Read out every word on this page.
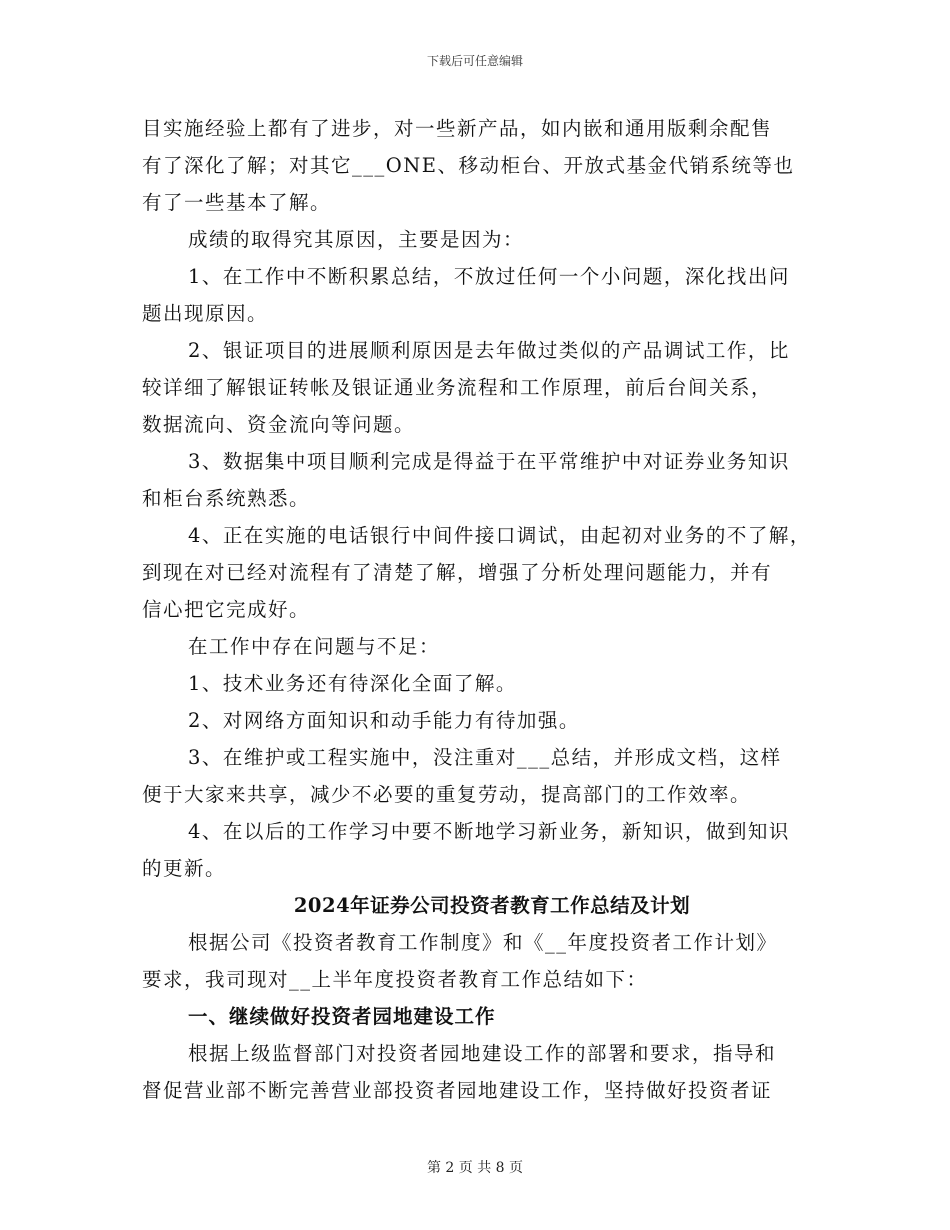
下载后可任意编辑
目实施经验上都有了进步，对一些新产品，如内嵌和通用版剩余配售
有了深化了解；对其它___ONE、移动柜台、开放式基金代销系统等也
有了一些基本了解。
成绩的取得究其原因，主要是因为：
1、在工作中不断积累总结，不放过任何一个小问题，深化找出问
题出现原因。
2、银证项目的进展顺利原因是去年做过类似的产品调试工作，比
较详细了解银证转帐及银证通业务流程和工作原理，前后台间关系，
数据流向、资金流向等问题。
3、数据集中项目顺利完成是得益于在平常维护中对证券业务知识
和柜台系统熟悉。
4、正在实施的电话银行中间件接口调试，由起初对业务的不了解，
到现在对已经对流程有了清楚了解，增强了分析处理问题能力，并有
信心把它完成好。
在工作中存在问题与不足：
1、技术业务还有待深化全面了解。
2、对网络方面知识和动手能力有待加强。
3、在维护或工程实施中，没注重对___总结，并形成文档，这样
便于大家来共享，减少不必要的重复劳动，提高部门的工作效率。
4、在以后的工作学习中要不断地学习新业务，新知识，做到知识
的更新。
2024年证券公司投资者教育工作总结及计划
根据公司《投资者教育工作制度》和《__年度投资者工作计划》
要求，我司现对__上半年度投资者教育工作总结如下：
一、继续做好投资者园地建设工作
根据上级监督部门对投资者园地建设工作的部署和要求，指导和
督促营业部不断完善营业部投资者园地建设工作，坚持做好投资者证
第 2 页 共 8 页
